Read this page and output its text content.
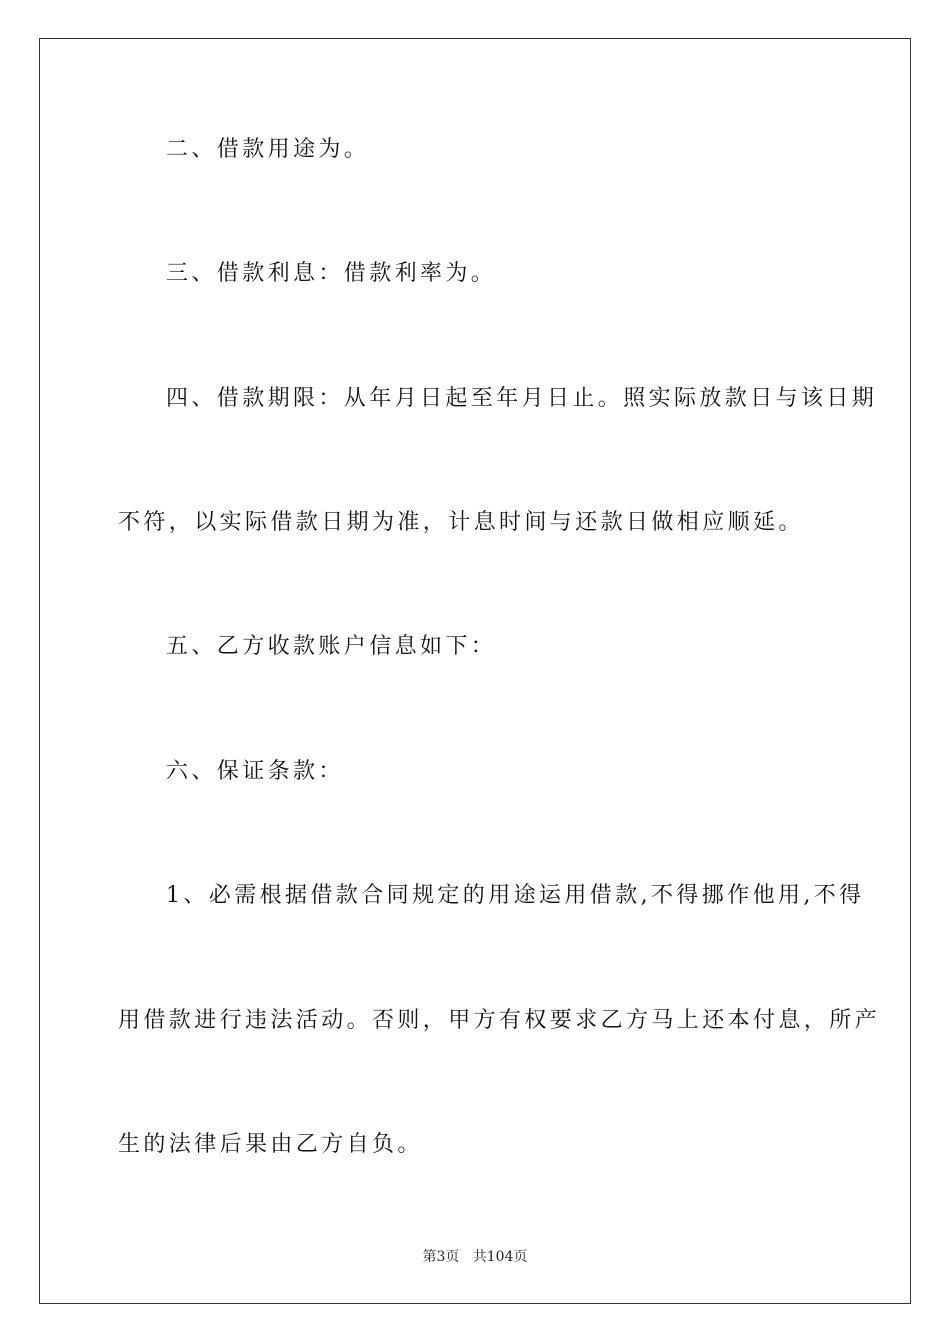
二、借款用途为。
三、借款利息：借款利率为。
四、借款期限：从年月日起至年月日止。照实际放款日与该日期
不符，以实际借款日期为准，计息时间与还款日做相应顺延。
五、乙方收款账户信息如下：
六、保证条款：
1、必需根据借款合同规定的用途运用借款,不得挪作他用,不得
用借款进行违法活动。否则，甲方有权要求乙方马上还本付息，所产
生的法律后果由乙方自负。
第3页   共104页
